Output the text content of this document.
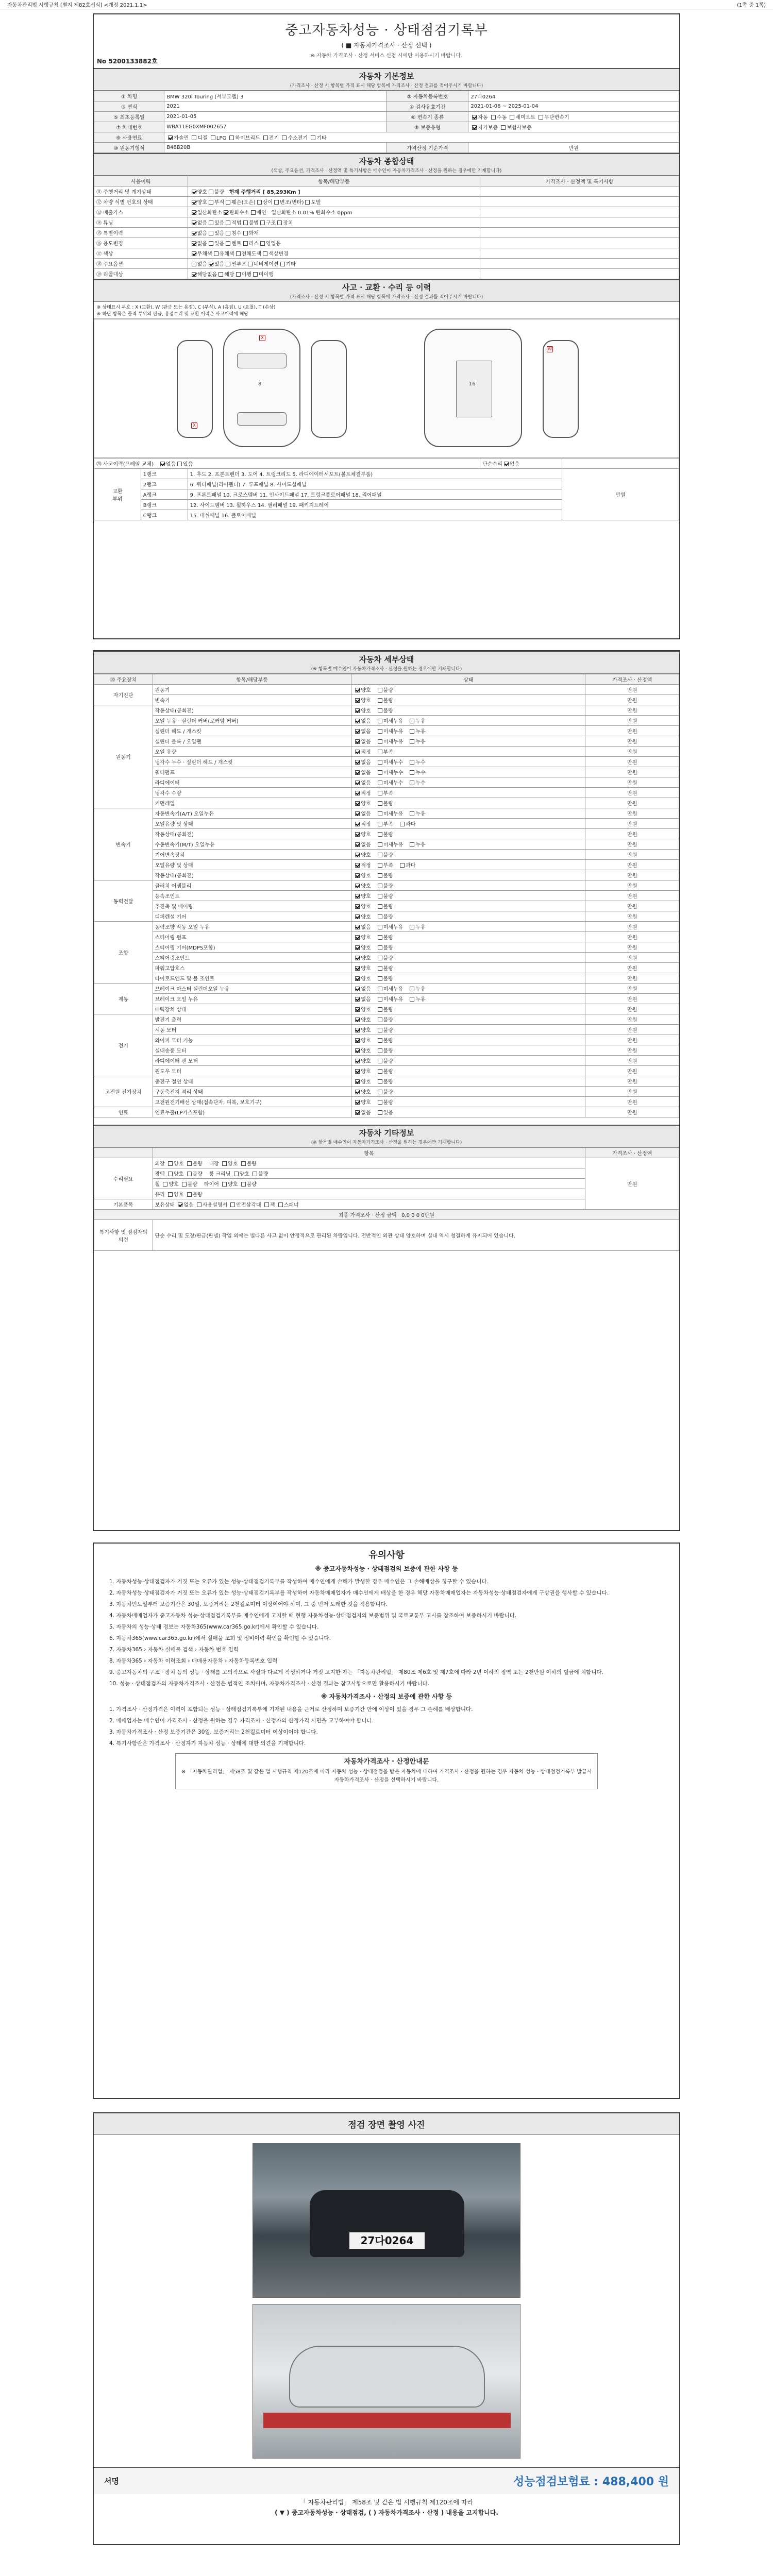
자동차관리법 시행규칙 [별지 제82호서식] <개정 2021.1.1>	(1쪽 중 1쪽)
중고자동차성능 · 상태점검기록부
( ■ 자동차가격조사 · 산정 선택 )
※ 자동차 가격조사 · 산정 서비스 신청 시에만 이용하시기 바랍니다.
No 5200133882호
자동차 기본정보
(가격조사 · 산정 시 항목별 가격 표시 해당 항목에 가격조사 · 산정 결과를 적어주시기 바랍니다)
① 차명	BMW 320i Touring (서부모델) 3	② 자동차등록번호	27다0264
③ 연식	2021	④ 검사유효기간	2021-01-06 ~ 2025-01-04
⑤ 최초등록일	2021-01-05	⑥ 변속기 종류	자동 수동 세미오토 무단변속기
⑦ 차대번호	WBA11EG0XMF002657	⑧ 보증유형	자가보증 보험사보증
⑨ 사용연료	가솔린 디젤 LPG 하이브리드 전기 수소전기 기타		
⑩ 원동기형식	B48B20B	가격산정 기준가격	만원
자동차 종합상태
(색상, 주요옵션, 가격조사 · 산정액 및 특기사항은 매수인이 자동차가격조사 · 산정을 원하는 경우에만 기재합니다)
사용이력	항목/해당부품	가격조사 · 산정액 및 특기사항
⑪ 주행거리 및 계기상태	양호 불량 현재 주행거리 [ 85,293Km ]	
⑫ 차량 식별 번호의 상태	양호 부식 훼손(오손) 상이 변조(변타) 도말	
⑬ 배출가스	일산화탄소 탄화수소 매연 일산화탄소 0.01% 탄화수소 0ppm	
⑭ 튜닝	없음 있음 적법 불법 구조 장치	
⑮ 특별이력	없음 있음 침수 화재	
⑯ 용도변경	없음 있음 렌트 리스 영업용	
⑰ 색상	무채색 유채색 전체도색 색상변경	
⑱ 주요옵션	없음 있음 썬루프 네비게이션 기타	
⑲ 리콜대상	해당없음 해당 이행 미이행	
사고 · 교환 · 수리 등 이력
(가격조사 · 산정 시 항목별 가격 표시 해당 항목에 가격조사 · 산정 결과를 적어주시기 바랍니다)
※ 상태표시 부호 : X (교환), W (판금 또는 용접), C (부식), A (흠집), U (요철), T (손상)
※ 하단 항목은 골격 부위의 판금, 용접수리 및 교환 이력은 사고이력에 해당
X
X
8
W
16
⑳ 사고이력(프레임 교체) 없음 있음			단순수리 없음	
교환
부위	1랭크	1. 후드 2. 프론트펜더 3. 도어 4. 트렁크리드 5. 라디에이터서포트(볼트체결부품)		만원
	2랭크	6. 쿼터패널(리어펜더) 7. 루프패널 8. 사이드실패널		
	A랭크	9. 프론트패널 10. 크로스멤버 11. 인사이드패널 17. 트렁크플로어패널 18. 리어패널		
	B랭크	12. 사이드멤버 13. 휠하우스 14. 필러패널 19. 패키지트레이		
	C랭크	15. 대쉬패널 16. 플로어패널		
자동차 세부상태
(※ 항목별 매수인이 자동차가격조사 · 산정을 원하는 경우에만 기재합니다)
⑳ 주요장치	항목/해당부품	상태	가격조사 · 산정액
자기진단	원동기	양호 불량	만원
	변속기	양호 불량	만원
원동기	작동상태(공회전)	양호 불량	만원
	오일 누유 · 실린더 커버(로커암 커버)	없음 미세누유 누유	만원
	실린더 헤드 / 개스킷	없음 미세누유 누유	만원
	실린더 블록 / 오일팬	없음 미세누유 누유	만원
	오일 유량	적정 부족	만원
	냉각수 누수 · 실린더 헤드 / 개스킷	없음 미세누수 누수	만원
	워터펌프	없음 미세누수 누수	만원
	라디에이터	없음 미세누수 누수	만원
	냉각수 수량	적정 부족	만원
	커먼레일	양호 불량	만원
변속기	자동변속기(A/T) 오일누유	없음 미세누유 누유	만원
	오일유량 및 상태	적정 부족 과다	만원
	작동상태(공회전)	양호 불량	만원
	수동변속기(M/T) 오일누유	없음 미세누유 누유	만원
	기어변속장치	양호 불량	만원
	오일유량 및 상태	적정 부족 과다	만원
	작동상태(공회전)	양호 불량	만원
동력전달	클러치 어셈블리	양호 불량	만원
	등속조인트	양호 불량	만원
	추진축 및 베어링	양호 불량	만원
	디퍼렌셜 기어	양호 불량	만원
조향	동력조향 작동 오일 누유	없음 미세누유 누유	만원
	스티어링 펌프	양호 불량	만원
	스티어링 기어(MDPS포함)	양호 불량	만원
	스티어링조인트	양호 불량	만원
	파워고압호스	양호 불량	만원
	타이로드엔드 및 볼 조인트	양호 불량	만원
제동	브레이크 마스터 실린더오일 누유	없음 미세누유 누유	만원
	브레이크 오일 누유	없음 미세누유 누유	만원
	배력장치 상태	양호 불량	만원
전기	발전기 출력	양호 불량	만원
	시동 모터	양호 불량	만원
	와이퍼 모터 기능	양호 불량	만원
	실내송풍 모터	양호 불량	만원
	라디에이터 팬 모터	양호 불량	만원
	윈도우 모터	양호 불량	만원
고전원 전기장치	충전구 절연 상태	양호 불량	만원
	구동축전지 격리 상태	양호 불량	만원
	고전원전기배선 상태(접속단자, 피복, 보호기구)	양호 불량	만원
연료	연료누출(LP가스포함)	없음 있음	만원
자동차 기타정보
(※ 항목별 매수인이 자동차가격조사 · 산정을 원하는 경우에만 기재합니다)
	항목	가격조사 · 산정액
수리필요	외장 양호 불량    내장 양호 불량	만원
	광택 양호 불량    룸 크리닝 양호 불량	
	휠 양호 불량    타이어 양호 불량	
	유리 양호 불량	
기본품목	보유상태 없음 사용설명서 안전삼각대 잭 스패너	
최종 가격조사 · 산정 금액 0,0 0 0 0만원		
특기사항 및 점검자의 의견	단순 수리 및 도장/판금(판넬) 작업 외에는 별다른 사고 없이 안정적으로 관리된 차량입니다. 전반적인 외관 상태 양호하며 실내 역시 청결하게 유지되어 있습니다.	
유의사항
※ 중고자동차성능 · 상태점검의 보증에 관한 사항 등

1. 자동차성능·상태점검자가 거짓 또는 오류가 있는 성능·상태점검기록부를 작성하여 매수인에게 손해가 발생한 경우 매수인은 그 손해배상을 청구할 수 있습니다.

2. 자동차성능·상태점검자가 거짓 또는 오류가 있는 성능·상태점검기록부를 작성하여 자동차매매업자가 매수인에게 배상을 한 경우 해당 자동차매매업자는 자동차성능·상태점검자에게 구상권을 행사할 수 있습니다.

3. 자동차인도일부터 보증기간은 30일, 보증거리는 2천킬로미터 이상이어야 하며, 그 중 먼저 도래한 것을 적용합니다.

4. 자동차매매업자가 중고자동차 성능·상태점검기록부를 매수인에게 고지할 때 현행 자동차성능·상태점검지의 보증범위 및 국토교통부 고시를 참조하여 보증하시기 바랍니다.

5. 자동차의 성능·상태 정보는 자동차365(www.car365.go.kr)에서 확인할 수 있습니다.

6. 자동차365(www.car365.go.kr)에서 실매물 조회 및 정비이력 확인을 확인할 수 있습니다.

7. 자동차365 › 자동차 실매물 검색 › 자동차 번호 입력

8. 자동차365 › 자동차 이력조회 › 매매용자동차 › 자동차등록번호 입력

9. 중고자동차의 구조 · 장치 등의 성능 · 상태를 고의적으로 사실과 다르게 작성하거나 거짓 고지한 자는 「자동차관리법」 제80조 제6호 및 제7호에 따라 2년 이하의 징역 또는 2천만원 이하의 벌금에 처합니다.

10. 성능 · 상태점검자의 자동차가격조사 · 산정은 법적인 조치이며, 자동차가격조사 · 산정 결과는 참고사항으로만 활용하시기 바랍니다.

※ 자동차가격조사 · 산정의 보증에 관한 사항 등

1. 가격조사 · 산정가격은 이력이 포함되는 성능 · 상태점검기록부에 기재된 내용을 근거로 산정하며 보증기간 안에 이상이 있을 경우 그 손해를 배상합니다.

2. 매매업자는 매수인이 가격조사 · 산정을 원하는 경우 가격조사 · 산정자의 산정가격 서면을 교부하여야 합니다.

3. 자동차가격조사 · 산정 보증기간은 30일, 보증거리는 2천킬로미터 이상이어야 합니다.

4. 특기사항란은 가격조사 · 산정자가 자동차 성능 · 상태에 대한 의견을 기재합니다.

자동차가격조사 · 산정안내문
※ 「자동차관리법」 제58조 및 같은 법 시행규칙 제120조에 따라 자동차 성능 · 상태점검을 받은 자동차에 대하여 가격조사 · 산정을 원하는 경우 자동차 성능 · 상태점검기록부 발급시 자동차가격조사 · 산정을 선택하시기 바랍니다.
점검 장면 촬영 사진
27다0264
서명	성능점검보험료 : 488,400 원
「 자동차관리법」 제58조 및 같은 법 시행규칙 제120조에 따라
( ▼ ) 중고자동차성능 · 상태점검, ( ) 자동차가격조사 · 산정 ) 내용을 고지합니다.
